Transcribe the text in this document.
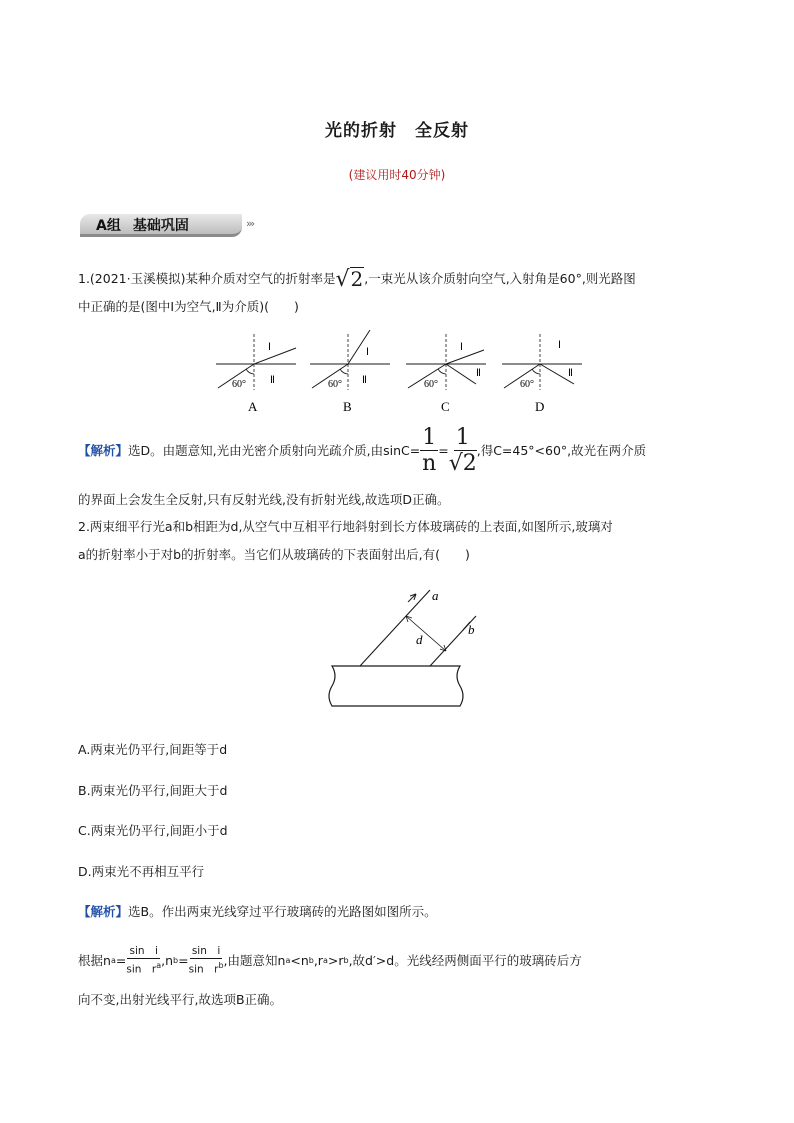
光的折射 全反射
(建议用时40分钟)
A组 基础巩固	›››
1.(2021·玉溪模拟)某种介质对空气的折射率是 √ 2 ,一束光从该介质射向空气,入射角是60°,则光路图
中正确的是(图中Ⅰ为空气,Ⅱ为介质)(　　)
60°
Ⅰ
Ⅱ
A
60°
Ⅰ
Ⅱ
B
60°
Ⅰ
Ⅱ
C
60°
Ⅰ
Ⅱ
D
【解析】 选D。由题意知,光由光密介质射向光疏介质,由$\sin C= \frac{1}{n} = \frac{1}{√2}$ ,得C=45°<60°,故光在两介质
的界面上会发生全反射,只有反射光线,没有折射光线,故选项D正确。
2.两束细平行光a和b相距为d,从空气中互相平行地斜射到长方体玻璃砖的上表面,如图所示,玻璃对
a的折射率小于对b的折射率。当它们从玻璃砖的下表面射出后,有(　　)
a
b
d
A.两束光仍平行,间距等于d
B.两束光仍平行,间距大于d
C.两束光仍平行,间距小于d
D.两束光不再相互平行
【解析】选B。作出两束光线穿过平行玻璃砖的光路图如图所示。
根据 n $a = \frac{\text{sin　i}}{\sin r^a}$ , n $b = \frac{\text{sin　i}}{\sin r^b}$ ,由题意知n a <n b ,r a >r b ,故d′>d。光线经两侧面平行的玻璃砖后方
向不变,出射光线平行,故选项B正确。
